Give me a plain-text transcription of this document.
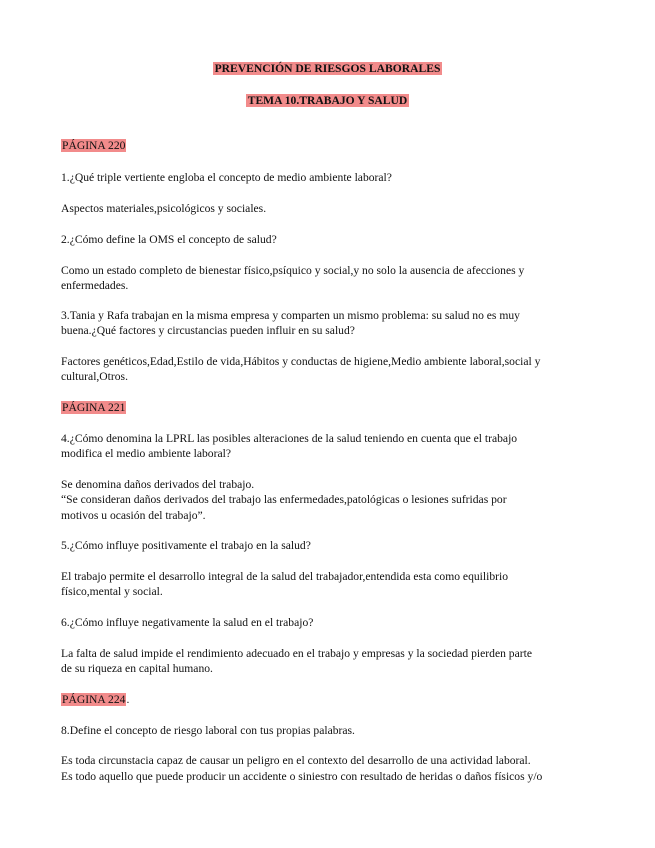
PREVENCIÓN DE RIESGOS LABORALES
TEMA 10.TRABAJO Y SALUD
PÁGINA 220
1.¿Qué triple vertiente engloba el concepto de medio ambiente laboral?
Aspectos materiales,psicológicos y sociales.
2.¿Cómo define la OMS el concepto de salud?
Como un estado completo de bienestar físico,psíquico y social,y no solo la ausencia de afecciones y
enfermedades.
3.Tania y Rafa trabajan en la misma empresa y comparten un mismo problema: su salud no es muy
buena.¿Qué factores y circustancias pueden influir en su salud?
Factores genéticos,Edad,Estilo de vida,Hábitos y conductas de higiene,Medio ambiente laboral,social y
cultural,Otros.
PÁGINA 221
4.¿Cómo denomina la LPRL las posibles alteraciones de la salud teniendo en cuenta que el trabajo
modifica el medio ambiente laboral?
Se denomina daños derivados del trabajo.
“Se consideran daños derivados del trabajo las enfermedades,patológicas o lesiones sufridas por
motivos u ocasión del trabajo”.
5.¿Cómo influye positivamente el trabajo en la salud?
El trabajo permite el desarrollo integral de la salud del trabajador,entendida esta como equilibrio
físico,mental y social.
6.¿Cómo influye negativamente la salud en el trabajo?
La falta de salud impide el rendimiento adecuado en el trabajo y empresas y la sociedad pierden parte
de su riqueza en capital humano.
PÁGINA 224.
8.Define el concepto de riesgo laboral con tus propias palabras.
Es toda circunstacia capaz de causar un peligro en el contexto del desarrollo de una actividad laboral.
Es todo aquello que puede producir un accidente o siniestro con resultado de heridas o daños físicos y/o
